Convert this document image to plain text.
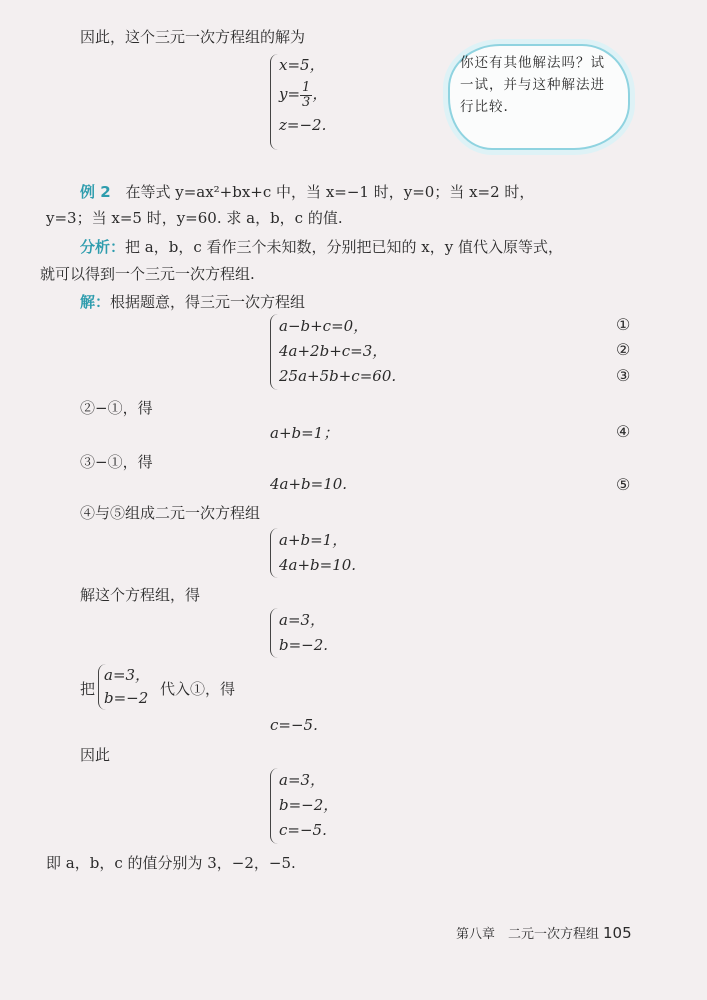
因此，这个三元一次方程组的解为
x=5，
$y= \frac{1}{3}$ ，
z=−2.
你还有其他解法吗？试一试，并与这种解法进行比较.
例 2 在等式 y=ax²+bx+c 中，当 x=−1 时，y=0；当 x=2 时，
y=3；当 x=5 时，y=60. 求 a，b，c 的值.
分析：把 a，b，c 看作三个未知数，分别把已知的 x，y 值代入原等式，
就可以得到一个三元一次方程组.
解：根据题意，得三元一次方程组
a−b+c=0，
4a+2b+c=3，
25a+5b+c=60.
①
②
③
②−①，得
a+b=1；	④
③−①，得
4a+b=10.	⑤
④与⑤组成二元一次方程组
a+b=1，
4a+b=10.
解这个方程组，得
a=3，
b=−2.
把
a=3，
b=−2 代入①，得
c=−5.
因此
a=3，
b=−2，
c=−5.
即 a，b，c 的值分别为 3，−2，−5.
第八章　二元一次方程组 105
